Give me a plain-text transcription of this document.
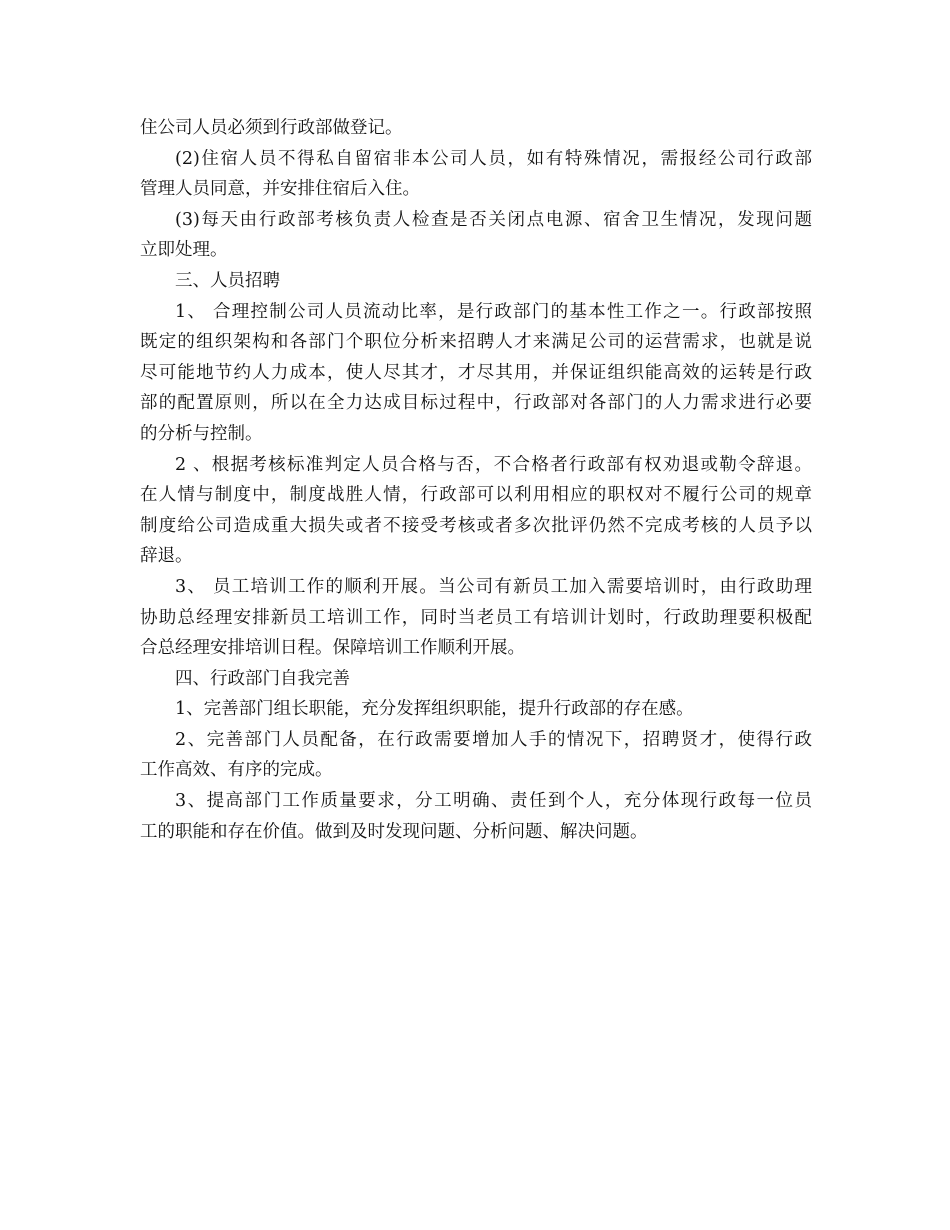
住公司人员必须到行政部做登记。
(2)住宿人员不得私自留宿非本公司人员，如有特殊情况，需报经公司行政部
管理人员同意，并安排住宿后入住。
(3)每天由行政部考核负责人检查是否关闭点电源、宿舍卫生情况，发现问题
立即处理。
三、人员招聘
1、 合理控制公司人员流动比率，是行政部门的基本性工作之一。行政部按照
既定的组织架构和各部门个职位分析来招聘人才来满足公司的运营需求，也就是说
尽可能地节约人力成本，使人尽其才，才尽其用，并保证组织能高效的运转是行政
部的配置原则，所以在全力达成目标过程中，行政部对各部门的人力需求进行必要
的分析与控制。
2 、根据考核标准判定人员合格与否，不合格者行政部有权劝退或勒令辞退。
在人情与制度中，制度战胜人情，行政部可以利用相应的职权对不履行公司的规章
制度给公司造成重大损失或者不接受考核或者多次批评仍然不完成考核的人员予以
辞退。
3、 员工培训工作的顺利开展。当公司有新员工加入需要培训时，由行政助理
协助总经理安排新员工培训工作，同时当老员工有培训计划时，行政助理要积极配
合总经理安排培训日程。保障培训工作顺利开展。
四、行政部门自我完善
1、完善部门组长职能，充分发挥组织职能，提升行政部的存在感。
2、完善部门人员配备，在行政需要增加人手的情况下，招聘贤才，使得行政
工作高效、有序的完成。
3、提高部门工作质量要求，分工明确、责任到个人，充分体现行政每一位员
工的职能和存在价值。做到及时发现问题、分析问题、解决问题。
